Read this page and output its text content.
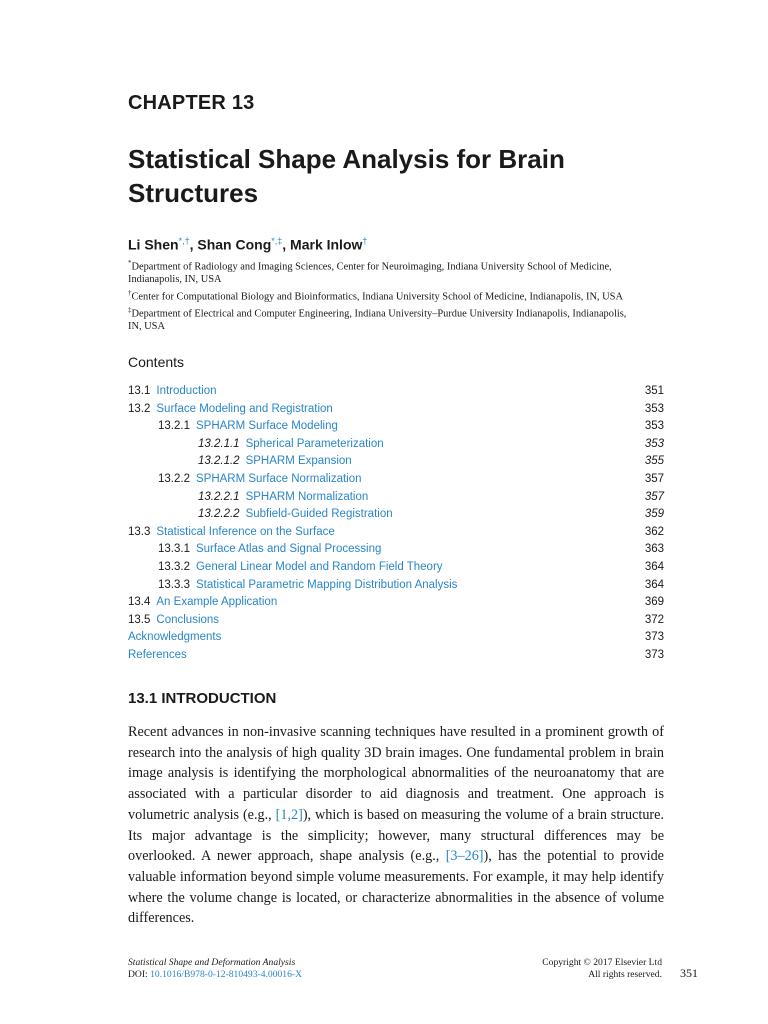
CHAPTER 13
Statistical Shape Analysis for Brain Structures
Li Shen*,†, Shan Cong*,‡, Mark Inlow†

*Department of Radiology and Imaging Sciences, Center for Neuroimaging, Indiana University School of Medicine, Indianapolis, IN, USA

†Center for Computational Biology and Bioinformatics, Indiana University School of Medicine, Indianapolis, IN, USA

‡Department of Electrical and Computer Engineering, Indiana University–Purdue University Indianapolis, Indianapolis, IN, USA

Contents
13.1 Introduction	351
13.2 Surface Modeling and Registration	353
13.2.1 SPHARM Surface Modeling	353
13.2.1.1 Spherical Parameterization	353
13.2.1.2 SPHARM Expansion	355
13.2.2 SPHARM Surface Normalization	357
13.2.2.1 SPHARM Normalization	357
13.2.2.2 Subfield-Guided Registration	359
13.3 Statistical Inference on the Surface	362
13.3.1 Surface Atlas and Signal Processing	363
13.3.2 General Linear Model and Random Field Theory	364
13.3.3 Statistical Parametric Mapping Distribution Analysis	364
13.4 An Example Application	369
13.5 Conclusions	372
Acknowledgments	373
References	373
13.1 INTRODUCTION
Recent advances in non-invasive scanning techniques have resulted in a prominent growth of research into the analysis of high quality 3D brain images. One fundamental problem in brain image analysis is identifying the morphological abnormalities of the neuroanatomy that are associated with a particular disorder to aid diagnosis and treatment. One approach is volumetric analysis (e.g., [1,2]), which is based on measuring the volume of a brain structure. Its major advantage is the simplicity; however, many structural differences may be overlooked. A newer approach, shape analysis (e.g., [3–26]), has the potential to provide valuable information beyond simple volume measurements. For example, it may help identify where the volume change is located, or characterize abnormalities in the absence of volume differences.
Statistical Shape and Deformation Analysis
DOI: 10.1016/B978-0-12-810493-4.00016-X
Copyright © 2017 Elsevier Ltd
All rights reserved. 351
